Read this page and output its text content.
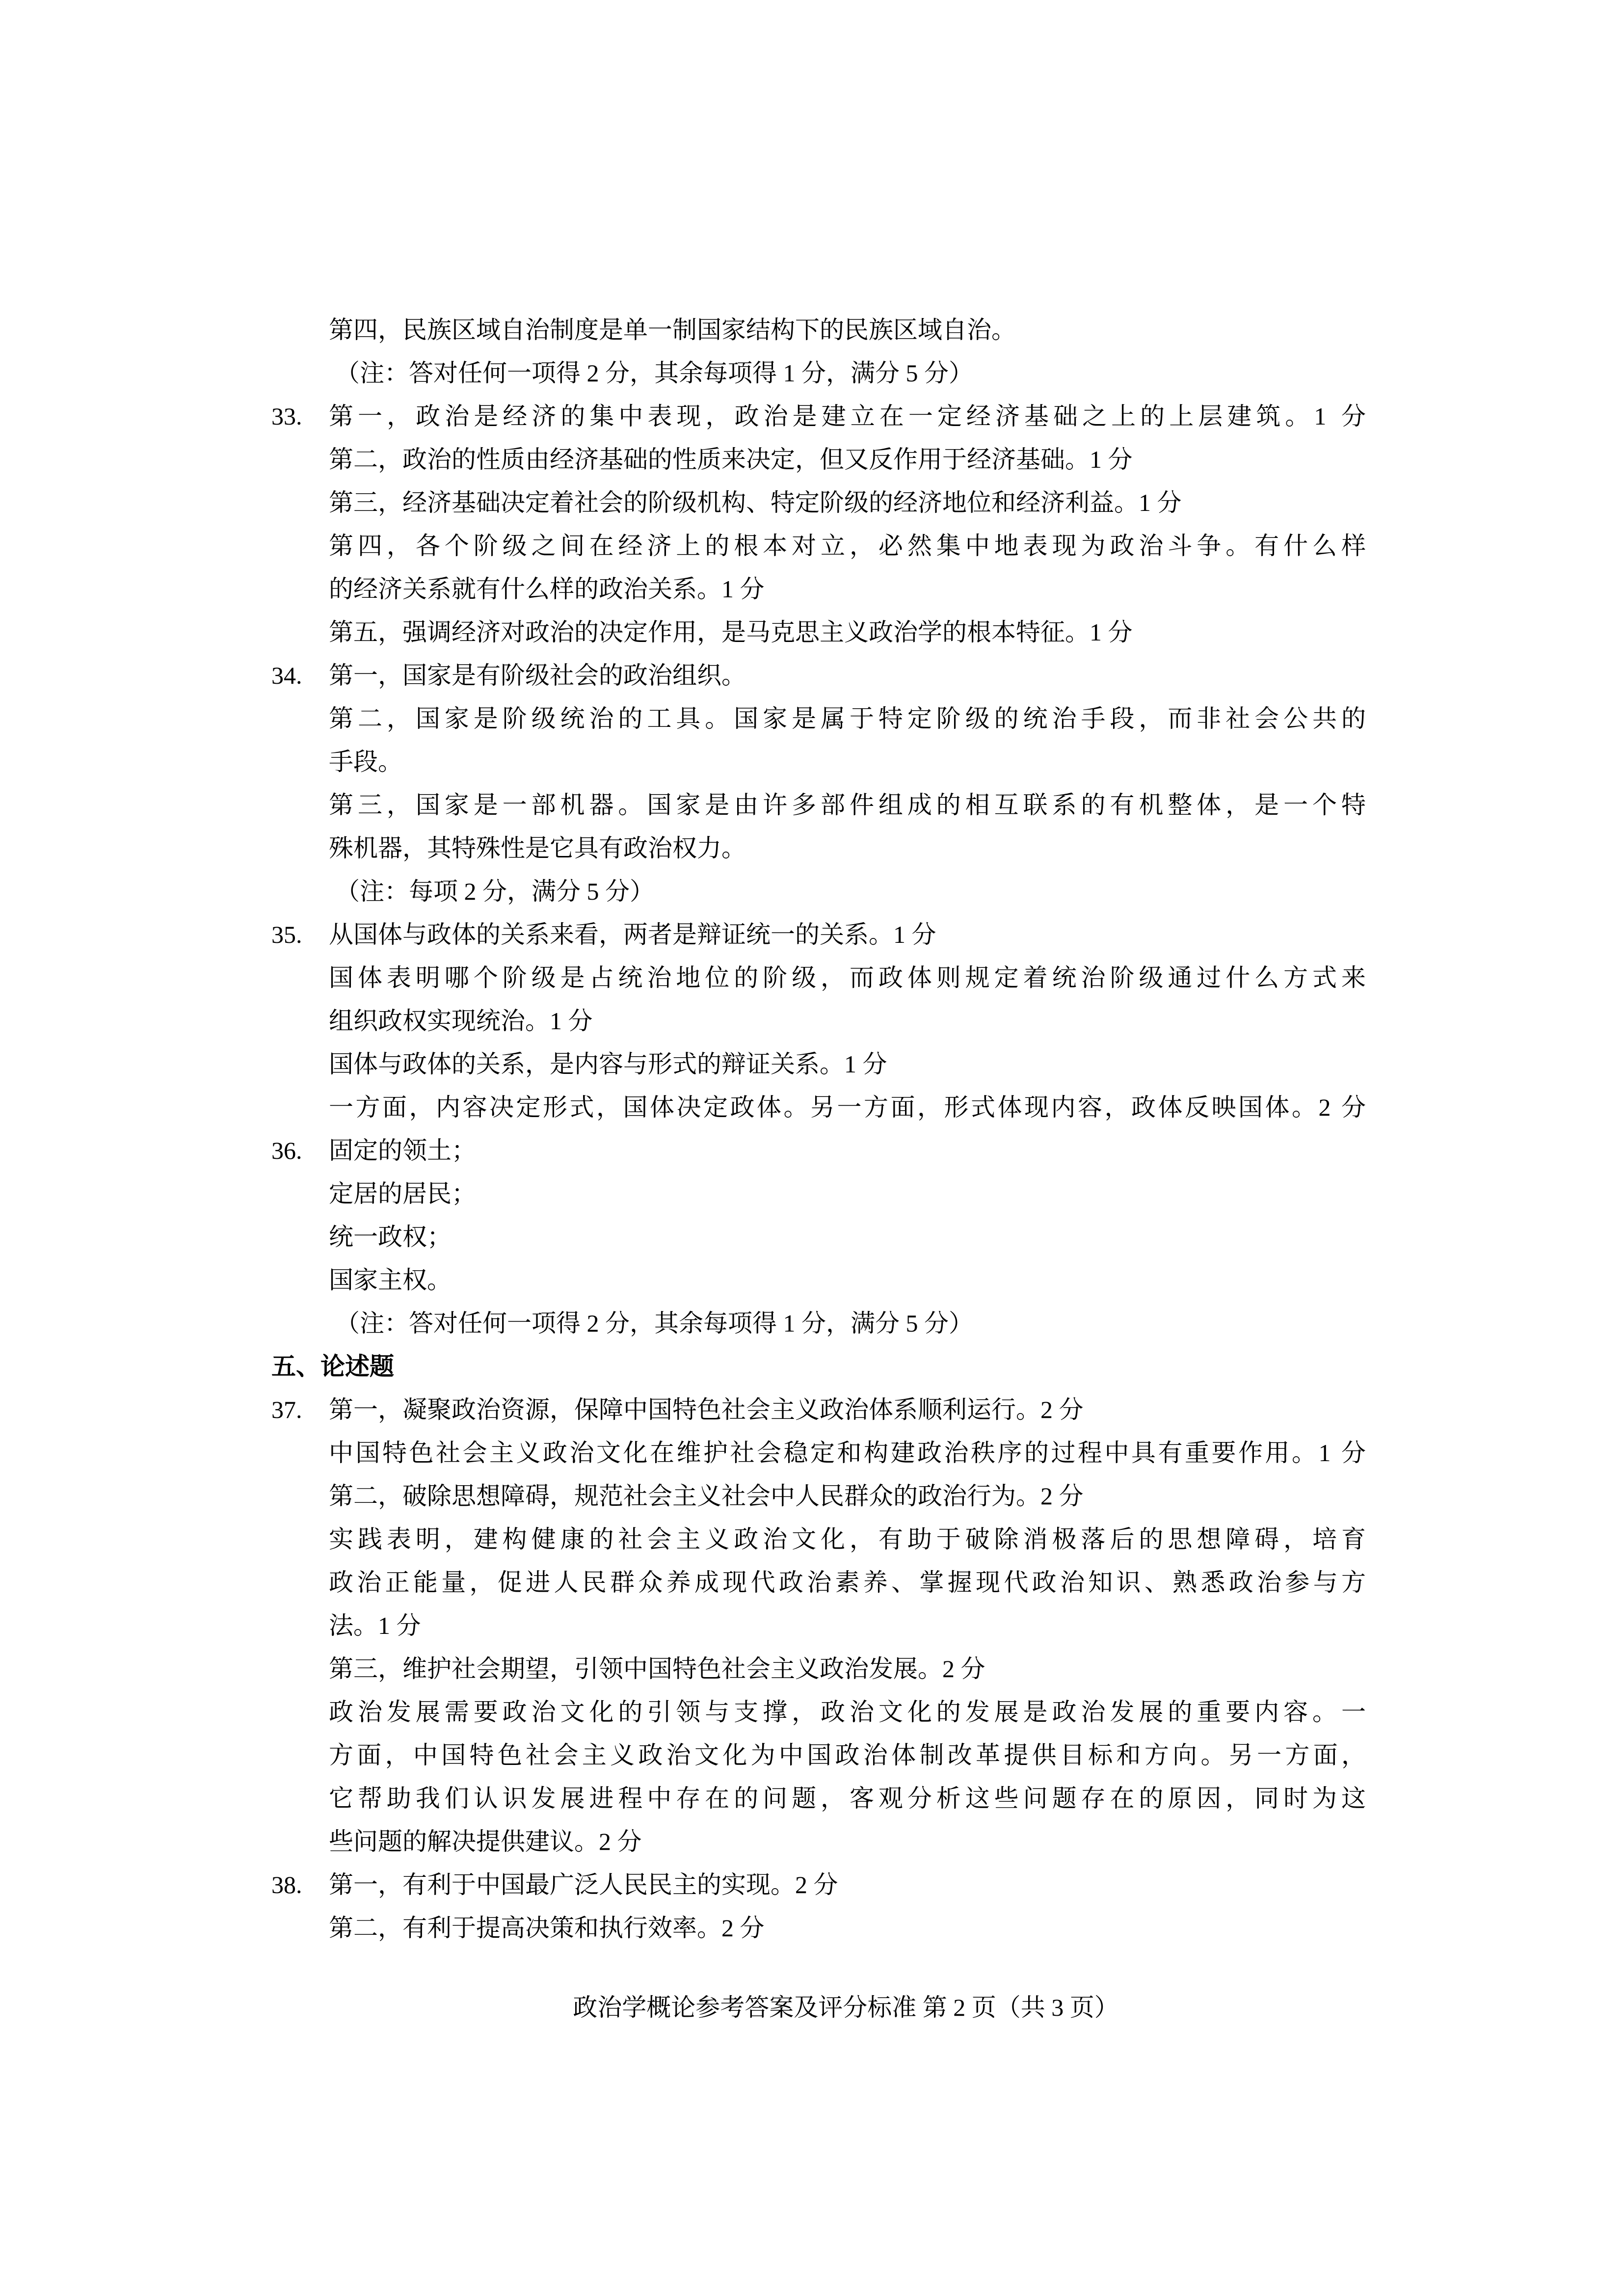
第四，民族区域自治制度是单一制国家结构下的民族区域自治。
（注：答对任何一项得 2 分，其余每项得 1 分，满分 5 分）
33.	第一，政治是经济的集中表现，政治是建立在一定经济基础之上的上层建筑。1 分
第二，政治的性质由经济基础的性质来决定，但又反作用于经济基础。1 分
第三，经济基础决定着社会的阶级机构、特定阶级的经济地位和经济利益。1 分
第四，各个阶级之间在经济上的根本对立，必然集中地表现为政治斗争。有什么样
的经济关系就有什么样的政治关系。1 分
第五，强调经济对政治的决定作用，是马克思主义政治学的根本特征。1 分
34.	第一，国家是有阶级社会的政治组织。
第二，国家是阶级统治的工具。国家是属于特定阶级的统治手段，而非社会公共的
手段。
第三，国家是一部机器。国家是由许多部件组成的相互联系的有机整体，是一个特
殊机器，其特殊性是它具有政治权力。
（注：每项 2 分，满分 5 分）
35.	从国体与政体的关系来看，两者是辩证统一的关系。1 分
国体表明哪个阶级是占统治地位的阶级，而政体则规定着统治阶级通过什么方式来
组织政权实现统治。1 分
国体与政体的关系，是内容与形式的辩证关系。1 分
一方面，内容决定形式，国体决定政体。另一方面，形式体现内容，政体反映国体。2 分
36.	固定的领土；
定居的居民；
统一政权；
国家主权。
（注：答对任何一项得 2 分，其余每项得 1 分，满分 5 分）
五、论述题
37.	第一，凝聚政治资源，保障中国特色社会主义政治体系顺利运行。2 分
中国特色社会主义政治文化在维护社会稳定和构建政治秩序的过程中具有重要作用。1 分
第二，破除思想障碍，规范社会主义社会中人民群众的政治行为。2 分
实践表明，建构健康的社会主义政治文化，有助于破除消极落后的思想障碍，培育
政治正能量，促进人民群众养成现代政治素养、掌握现代政治知识、熟悉政治参与方
法。1 分
第三，维护社会期望，引领中国特色社会主义政治发展。2 分
政治发展需要政治文化的引领与支撑，政治文化的发展是政治发展的重要内容。一
方面，中国特色社会主义政治文化为中国政治体制改革提供目标和方向。另一方面，
它帮助我们认识发展进程中存在的问题，客观分析这些问题存在的原因，同时为这
些问题的解决提供建议。2 分
38.	第一，有利于中国最广泛人民民主的实现。2 分
第二，有利于提高决策和执行效率。2 分
政治学概论参考答案及评分标准 第 2 页（共 3 页）
